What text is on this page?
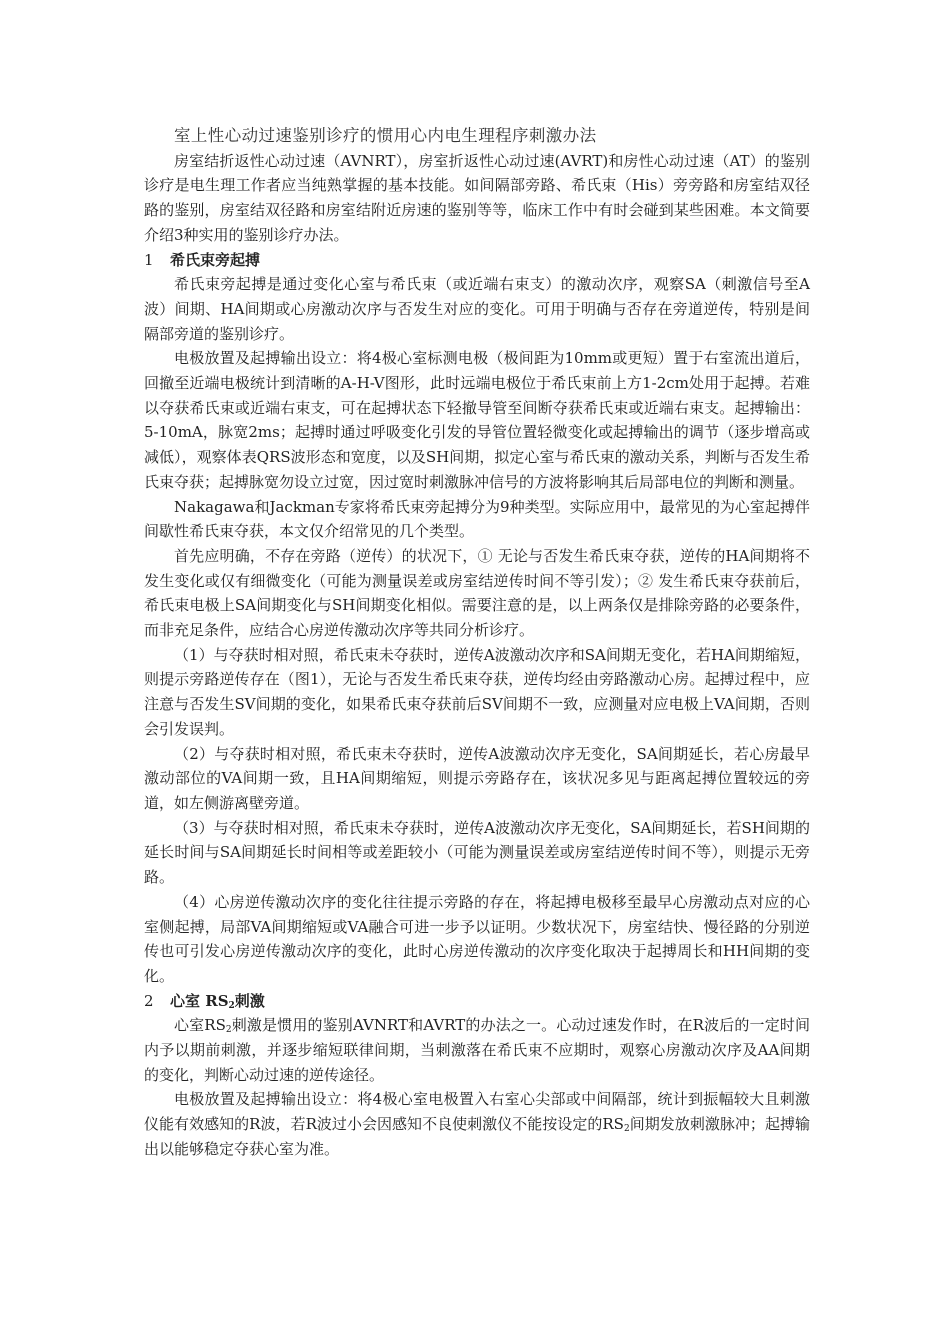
室上性心动过速鉴别诊疗的惯用心内电生理程序刺激办法

房室结折返性心动过速（AVNRT），房室折返性心动过速(AVRT)和房性心动过速（AT）的鉴别诊疗是电生理工作者应当纯熟掌握的基本技能。如间隔部旁路、希氏束（His）旁旁路和房室结双径路的鉴别，房室结双径路和房室结附近房速的鉴别等等，临床工作中有时会碰到某些困难。本文简要介绍3种实用的鉴别诊疗办法。

1 希氏束旁起搏

希氏束旁起搏是通过变化心室与希氏束（或近端右束支）的激动次序，观察SA（刺激信号至A波）间期、HA间期或心房激动次序与否发生对应的变化。可用于明确与否存在旁道逆传，特别是间隔部旁道的鉴别诊疗。

电极放置及起搏输出设立：将4极心室标测电极（极间距为10mm或更短）置于右室流出道后，回撤至近端电极统计到清晰的A-H-V图形，此时远端电极位于希氏束前上方1-2cm处用于起搏。若难以夺获希氏束或近端右束支，可在起搏状态下轻撤导管至间断夺获希氏束或近端右束支。起搏输出：5-10mA，脉宽2ms；起搏时通过呼吸变化引发的导管位置轻微变化或起搏输出的调节（逐步增高或减低），观察体表QRS波形态和宽度，以及SH间期，拟定心室与希氏束的激动关系，判断与否发生希氏束夺获；起搏脉宽勿设立过宽，因过宽时刺激脉冲信号的方波将影响其后局部电位的判断和测量。

Nakagawa和Jackman专家将希氏束旁起搏分为9种类型。实际应用中，最常见的为心室起搏伴间歇性希氏束夺获，本文仅介绍常见的几个类型。

首先应明确，不存在旁路（逆传）的状况下，① 无论与否发生希氏束夺获，逆传的HA间期将不发生变化或仅有细微变化（可能为测量误差或房室结逆传时间不等引发）；② 发生希氏束夺获前后，希氏束电极上SA间期变化与SH间期变化相似。需要注意的是，以上两条仅是排除旁路的必要条件，而非充足条件，应结合心房逆传激动次序等共同分析诊疗。

（1）与夺获时相对照，希氏束未夺获时，逆传A波激动次序和SA间期无变化，若HA间期缩短，则提示旁路逆传存在（图1），无论与否发生希氏束夺获，逆传均经由旁路激动心房。起搏过程中，应注意与否发生SV间期的变化，如果希氏束夺获前后SV间期不一致，应测量对应电极上VA间期，否则会引发误判。

（2）与夺获时相对照，希氏束未夺获时，逆传A波激动次序无变化，SA间期延长，若心房最早激动部位的VA间期一致，且HA间期缩短，则提示旁路存在，该状况多见与距离起搏位置较远的旁道，如左侧游离壁旁道。

（3）与夺获时相对照，希氏束未夺获时，逆传A波激动次序无变化，SA间期延长，若SH间期的延长时间与SA间期延长时间相等或差距较小（可能为测量误差或房室结逆传时间不等），则提示无旁路。

（4）心房逆传激动次序的变化往往提示旁路的存在，将起搏电极移至最早心房激动点对应的心室侧起搏，局部VA间期缩短或VA融合可进一步予以证明。少数状况下，房室结快、慢径路的分别逆传也可引发心房逆传激动次序的变化，此时心房逆传激动的次序变化取决于起搏周长和HH间期的变化。

2 心室 $RS_2$刺激

心室$RS_2$刺激是惯用的鉴别AVNRT和AVRT的办法之一。心动过速发作时，在R波后的一定时间内予以期前刺激，并逐步缩短联律间期，当刺激落在希氏束不应期时，观察心房激动次序及AA间期的变化，判断心动过速的逆传途径。

电极放置及起搏输出设立：将4极心室电极置入右室心尖部或中间隔部，统计到振幅较大且刺激仪能有效感知的R波，若R波过小会因感知不良使刺激仪不能按设定的$RS_2$间期发放刺激脉冲；起搏输出以能够稳定夺获心室为准。
